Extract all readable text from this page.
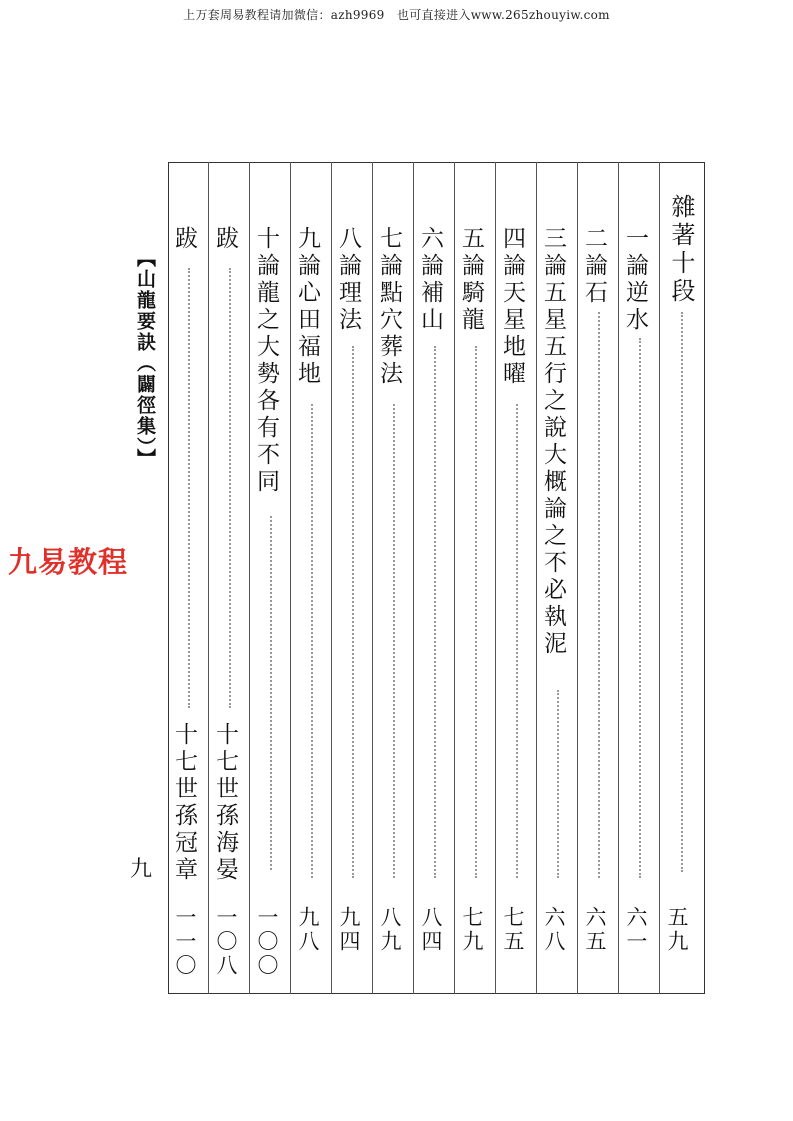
上万套周易教程请加微信：azh9969　也可直接进入www.265zhouyiw.com
雜著十段
五九
一論逆水
六一
二論石
六五
三論五星五行之說大概論之不必執泥
六八
四論天星地曜
七五
五論騎龍
七九
六論補山
八四
七論點穴葬法
八九
八論理法
九四
九論心田福地
九八
十論龍之大勢各有不同
一〇〇
跋
十七世孫海晏
一〇八
跋
十七世孫冠章
一一〇
【山龍要訣（闢徑集）】
九
九易教程
